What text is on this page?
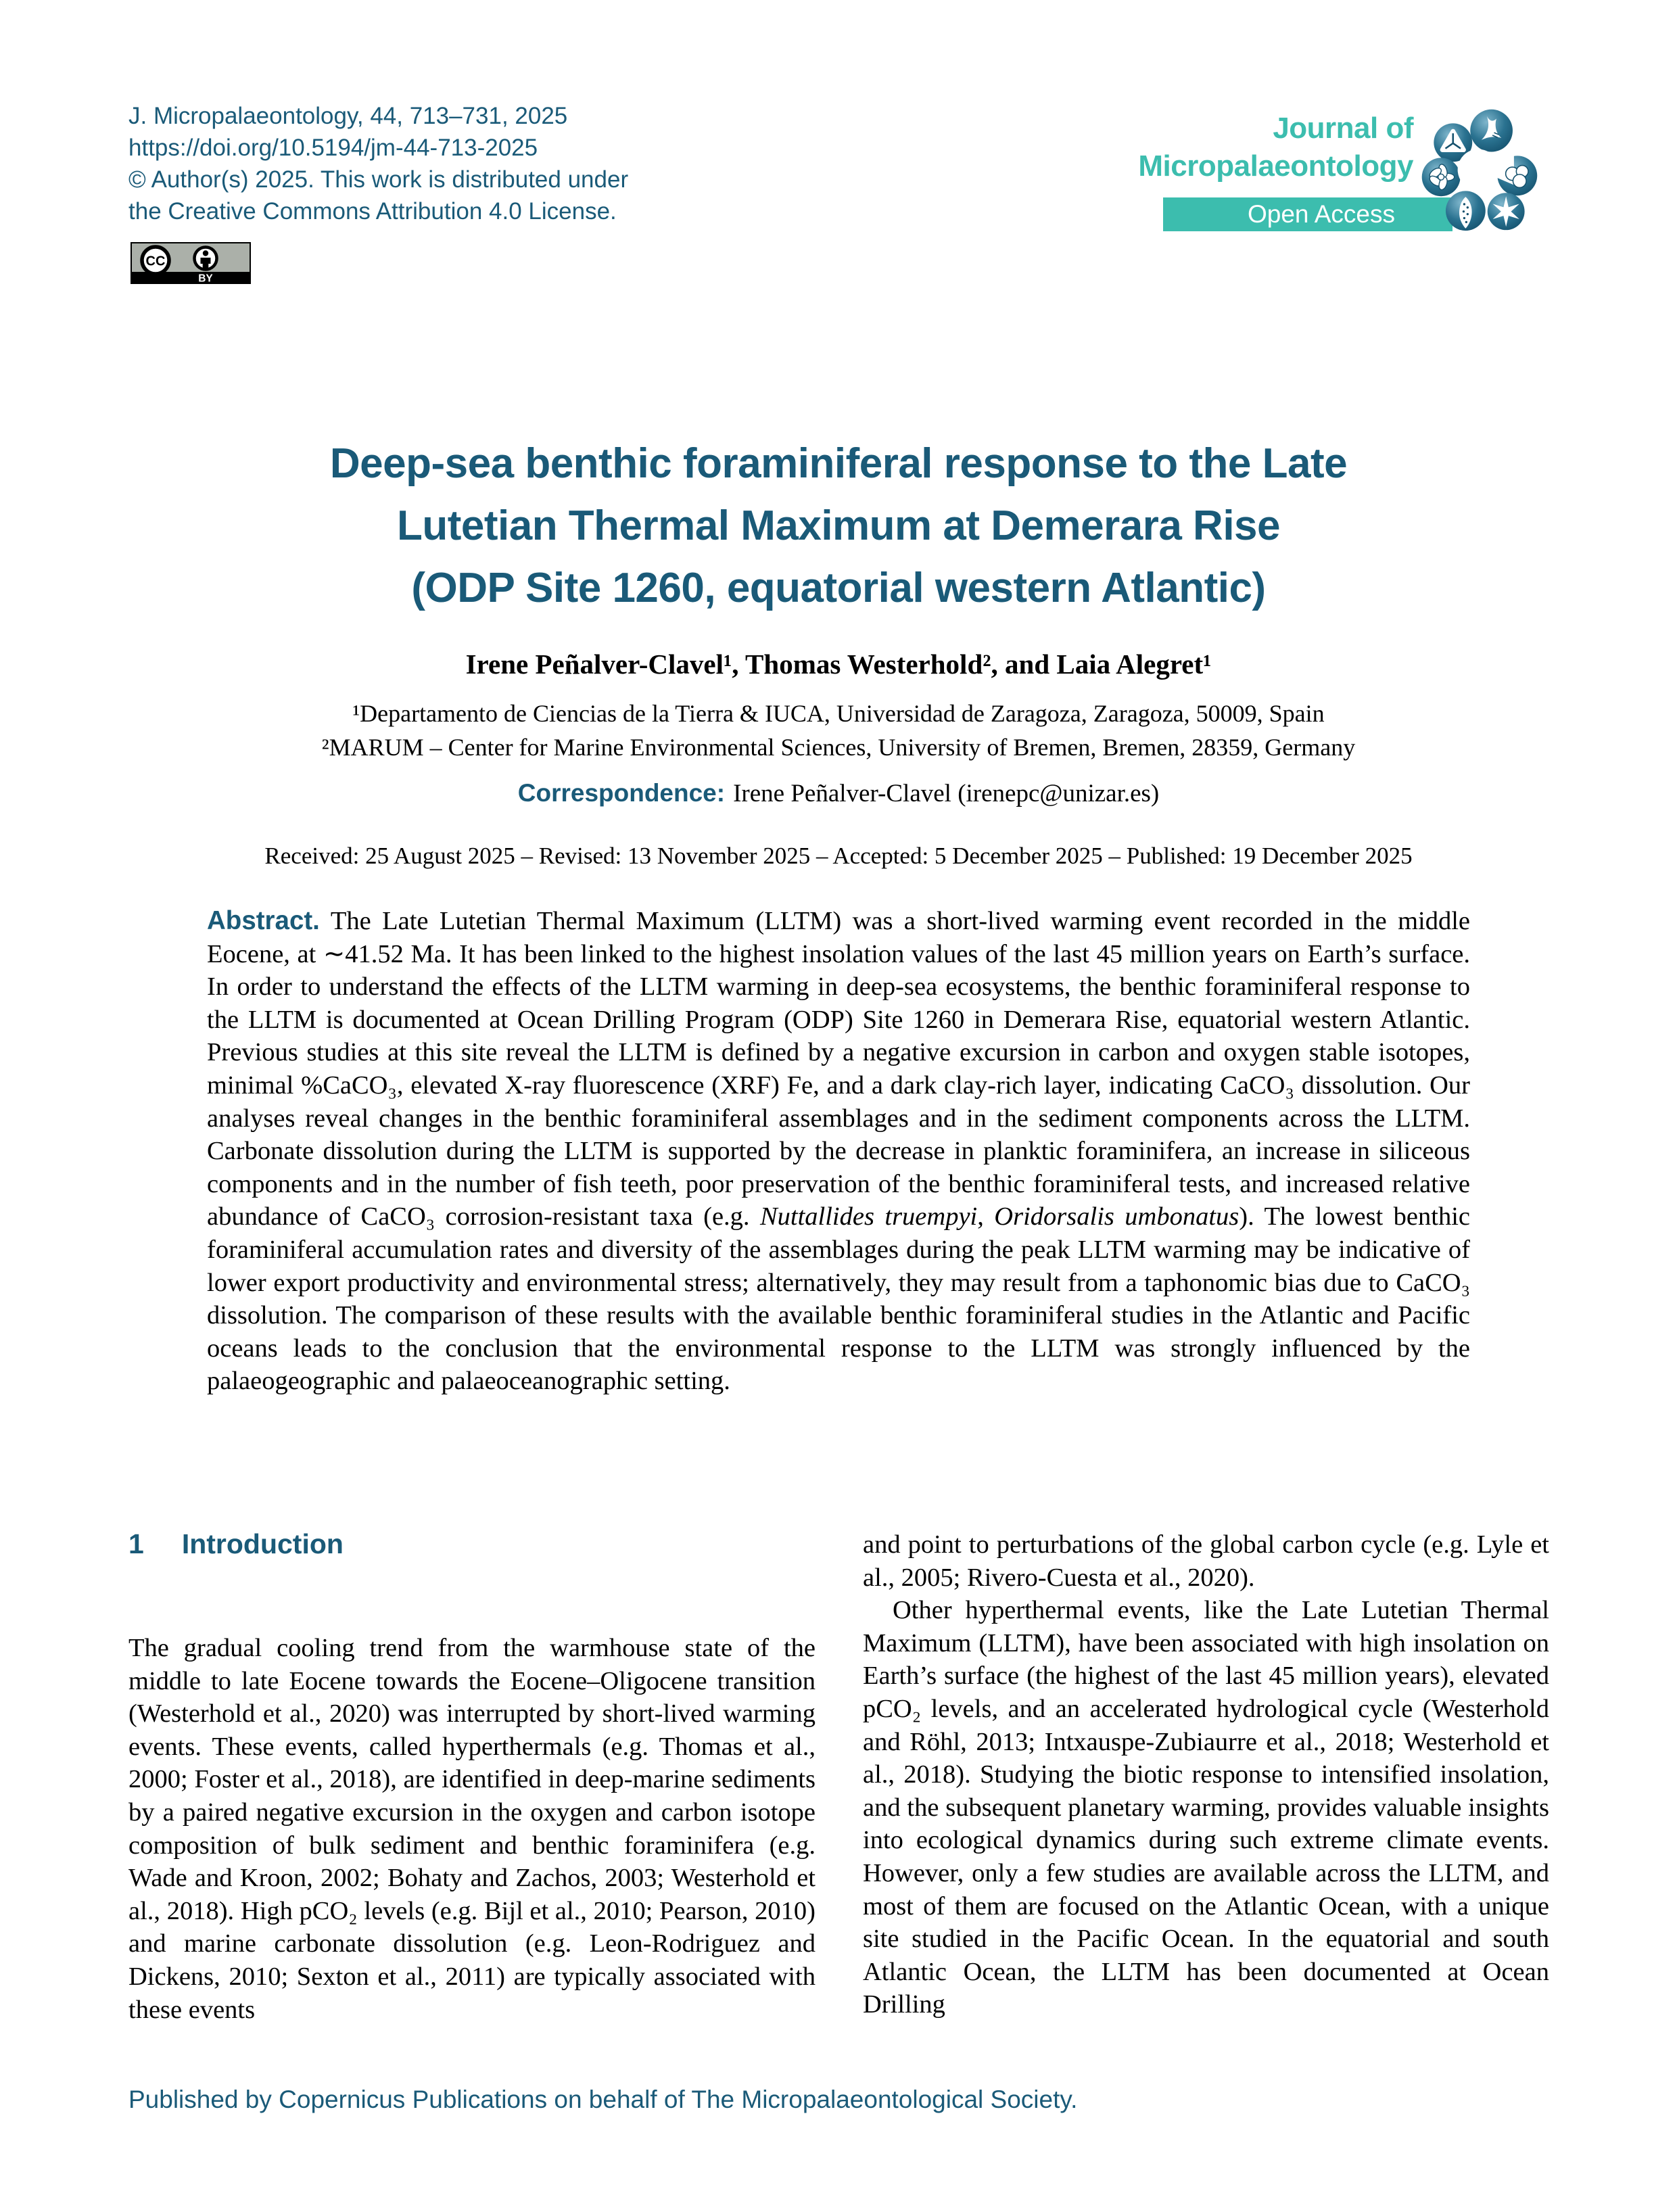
J. Micropalaeontology, 44, 713–731, 2025
https://doi.org/10.5194/jm-44-713-2025
© Author(s) 2025. This work is distributed under
the Creative Commons Attribution 4.0 License.
CC
BY
Journal of
Micropalaeontology
Open Access
Deep-sea benthic foraminiferal response to the Late
Lutetian Thermal Maximum at Demerara Rise
(ODP Site 1260, equatorial western Atlantic)
Irene Peñalver-Clavel¹, Thomas Westerhold², and Laia Alegret¹
¹Departamento de Ciencias de la Tierra & IUCA, Universidad de Zaragoza, Zaragoza, 50009, Spain
²MARUM – Center for Marine Environmental Sciences, University of Bremen, Bremen, 28359, Germany
Correspondence: Irene Peñalver-Clavel (irenepc@unizar.es)
Received: 25 August 2025 – Revised: 13 November 2025 – Accepted: 5 December 2025 – Published: 19 December 2025
Abstract. The Late Lutetian Thermal Maximum (LLTM) was a short-lived warming event recorded in the middle Eocene, at ∼41.52 Ma. It has been linked to the highest insolation values of the last 45 million years on Earth’s surface. In order to understand the effects of the LLTM warming in deep-sea ecosystems, the benthic foraminiferal response to the LLTM is documented at Ocean Drilling Program (ODP) Site 1260 in Demerara Rise, equatorial western Atlantic. Previous studies at this site reveal the LLTM is defined by a negative excursion in carbon and oxygen stable isotopes, minimal %CaCO₃, elevated X-ray fluorescence (XRF) Fe, and a dark clay-rich layer, indicating CaCO₃ dissolution. Our analyses reveal changes in the benthic foraminiferal assemblages and in the sediment components across the LLTM. Carbonate dissolution during the LLTM is supported by the decrease in planktic foraminifera, an increase in siliceous components and in the number of fish teeth, poor preservation of the benthic foraminiferal tests, and increased relative abundance of CaCO₃ corrosion-resistant taxa (e.g. Nuttallides truempyi, Oridorsalis umbonatus). The lowest benthic foraminiferal accumulation rates and diversity of the assemblages during the peak LLTM warming may be indicative of lower export productivity and environmental stress; alternatively, they may result from a taphonomic bias due to CaCO₃ dissolution. The comparison of these results with the available benthic foraminiferal studies in the Atlantic and Pacific oceans leads to the conclusion that the environmental response to the LLTM was strongly influenced by the palaeogeographic and palaeoceanographic setting.
1 Introduction

The gradual cooling trend from the warmhouse state of the middle to late Eocene towards the Eocene–Oligocene transition (Westerhold et al., 2020) was interrupted by short-lived warming events. These events, called hyperthermals (e.g. Thomas et al., 2000; Foster et al., 2018), are identified in deep-marine sediments by a paired negative excursion in the oxygen and carbon isotope composition of bulk sediment and benthic foraminifera (e.g. Wade and Kroon, 2002; Bohaty and Zachos, 2003; Westerhold et al., 2018). High pCO₂ levels (e.g. Bijl et al., 2010; Pearson, 2010) and marine carbonate dissolution (e.g. Leon-Rodriguez and Dickens, 2010; Sexton et al., 2011) are typically associated with these events

and point to perturbations of the global carbon cycle (e.g. Lyle et al., 2005; Rivero-Cuesta et al., 2020).

Other hyperthermal events, like the Late Lutetian Thermal Maximum (LLTM), have been associated with high insolation on Earth’s surface (the highest of the last 45 million years), elevated pCO₂ levels, and an accelerated hydrological cycle (Westerhold and Röhl, 2013; Intxauspe-Zubiaurre et al., 2018; Westerhold et al., 2018). Studying the biotic response to intensified insolation, and the subsequent planetary warming, provides valuable insights into ecological dynamics during such extreme climate events. However, only a few studies are available across the LLTM, and most of them are focused on the Atlantic Ocean, with a unique site studied in the Pacific Ocean. In the equatorial and south Atlantic Ocean, the LLTM has been documented at Ocean Drilling

Published by Copernicus Publications on behalf of The Micropalaeontological Society.
